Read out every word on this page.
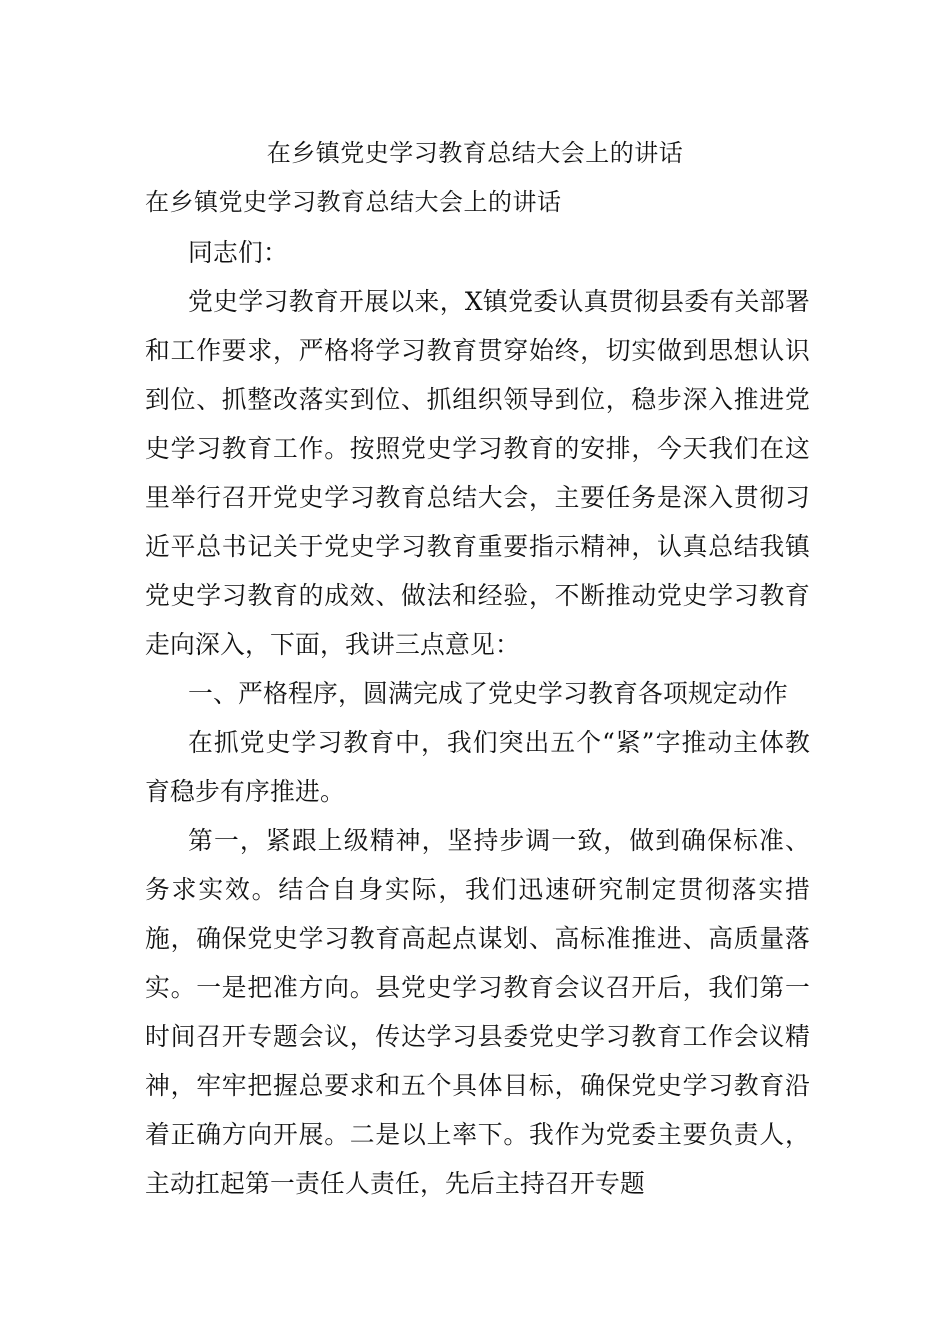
在乡镇党史学习教育总结大会上的讲话
在乡镇党史学习教育总结大会上的讲话

同志们：

党史学习教育开展以来，X镇党委认真贯彻县委有关部署和工作要求，严格将学习教育贯穿始终，切实做到思想认识到位、抓整改落实到位、抓组织领导到位，稳步深入推进党史学习教育工作。按照党史学习教育的安排，今天我们在这里举行召开党史学习教育总结大会，主要任务是深入贯彻习近平总书记关于党史学习教育重要指示精神，认真总结我镇党史学习教育的成效、做法和经验，不断推动党史学习教育走向深入，下面，我讲三点意见：

一、严格程序，圆满完成了党史学习教育各项规定动作

在抓党史学习教育中，我们突出五个“紧”字推动主体教育稳步有序推进。

第一，紧跟上级精神，坚持步调一致，做到确保标准、务求实效。结合自身实际，我们迅速研究制定贯彻落实措施，确保党史学习教育高起点谋划、高标准推进、高质量落实。一是把准方向。县党史学习教育会议召开后，我们第一时间召开专题会议，传达学习县委党史学习教育工作会议精神，牢牢把握总要求和五个具体目标，确保党史学习教育沿着正确方向开展。二是以上率下。我作为党委主要负责人，主动扛起第一责任人责任，先后主持召开专题
